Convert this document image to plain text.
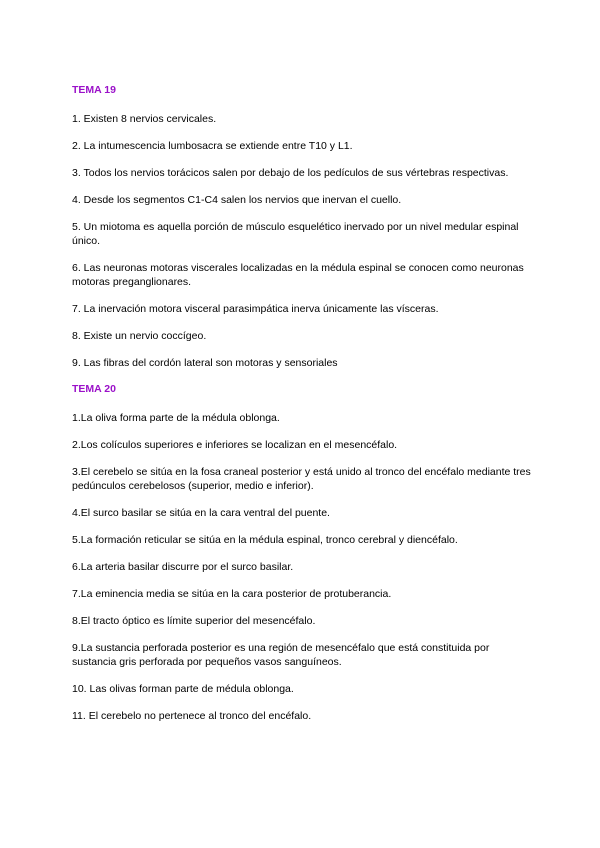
TEMA 19

1. Existen 8 nervios cervicales.

2. La intumescencia lumbosacra se extiende entre T10 y L1.

3. Todos los nervios torácicos salen por debajo de los pedículos de sus vértebras respectivas.

4. Desde los segmentos C1-C4 salen los nervios que inervan el cuello.

5. Un miotoma es aquella porción de músculo esquelético inervado por un nivel medular espinal único.

6. Las neuronas motoras viscerales localizadas en la médula espinal se conocen como neuronas motoras preganglionares.

7. La inervación motora visceral parasimpática inerva únicamente las vísceras.

8. Existe un nervio coccígeo.

9. Las fibras del cordón lateral son motoras y sensoriales

TEMA 20

1.La oliva forma parte de la médula oblonga.

2.Los colículos superiores e inferiores se localizan en el mesencéfalo.

3.El cerebelo se sitúa en la fosa craneal posterior y está unido al tronco del encéfalo mediante tres pedúnculos cerebelosos (superior, medio e inferior).

4.El surco basilar se sitúa en la cara ventral del puente.

5.La formación reticular se sitúa en la médula espinal, tronco cerebral y diencéfalo.

6.La arteria basilar discurre por el surco basilar.

7.La eminencia media se sitúa en la cara posterior de protuberancia.

8.El tracto óptico es límite superior del mesencéfalo.

9.La sustancia perforada posterior es una región de mesencéfalo que está constituida por sustancia gris perforada por pequeños vasos sanguíneos.

10. Las olivas forman parte de médula oblonga.

11. El cerebelo no pertenece al tronco del encéfalo.
